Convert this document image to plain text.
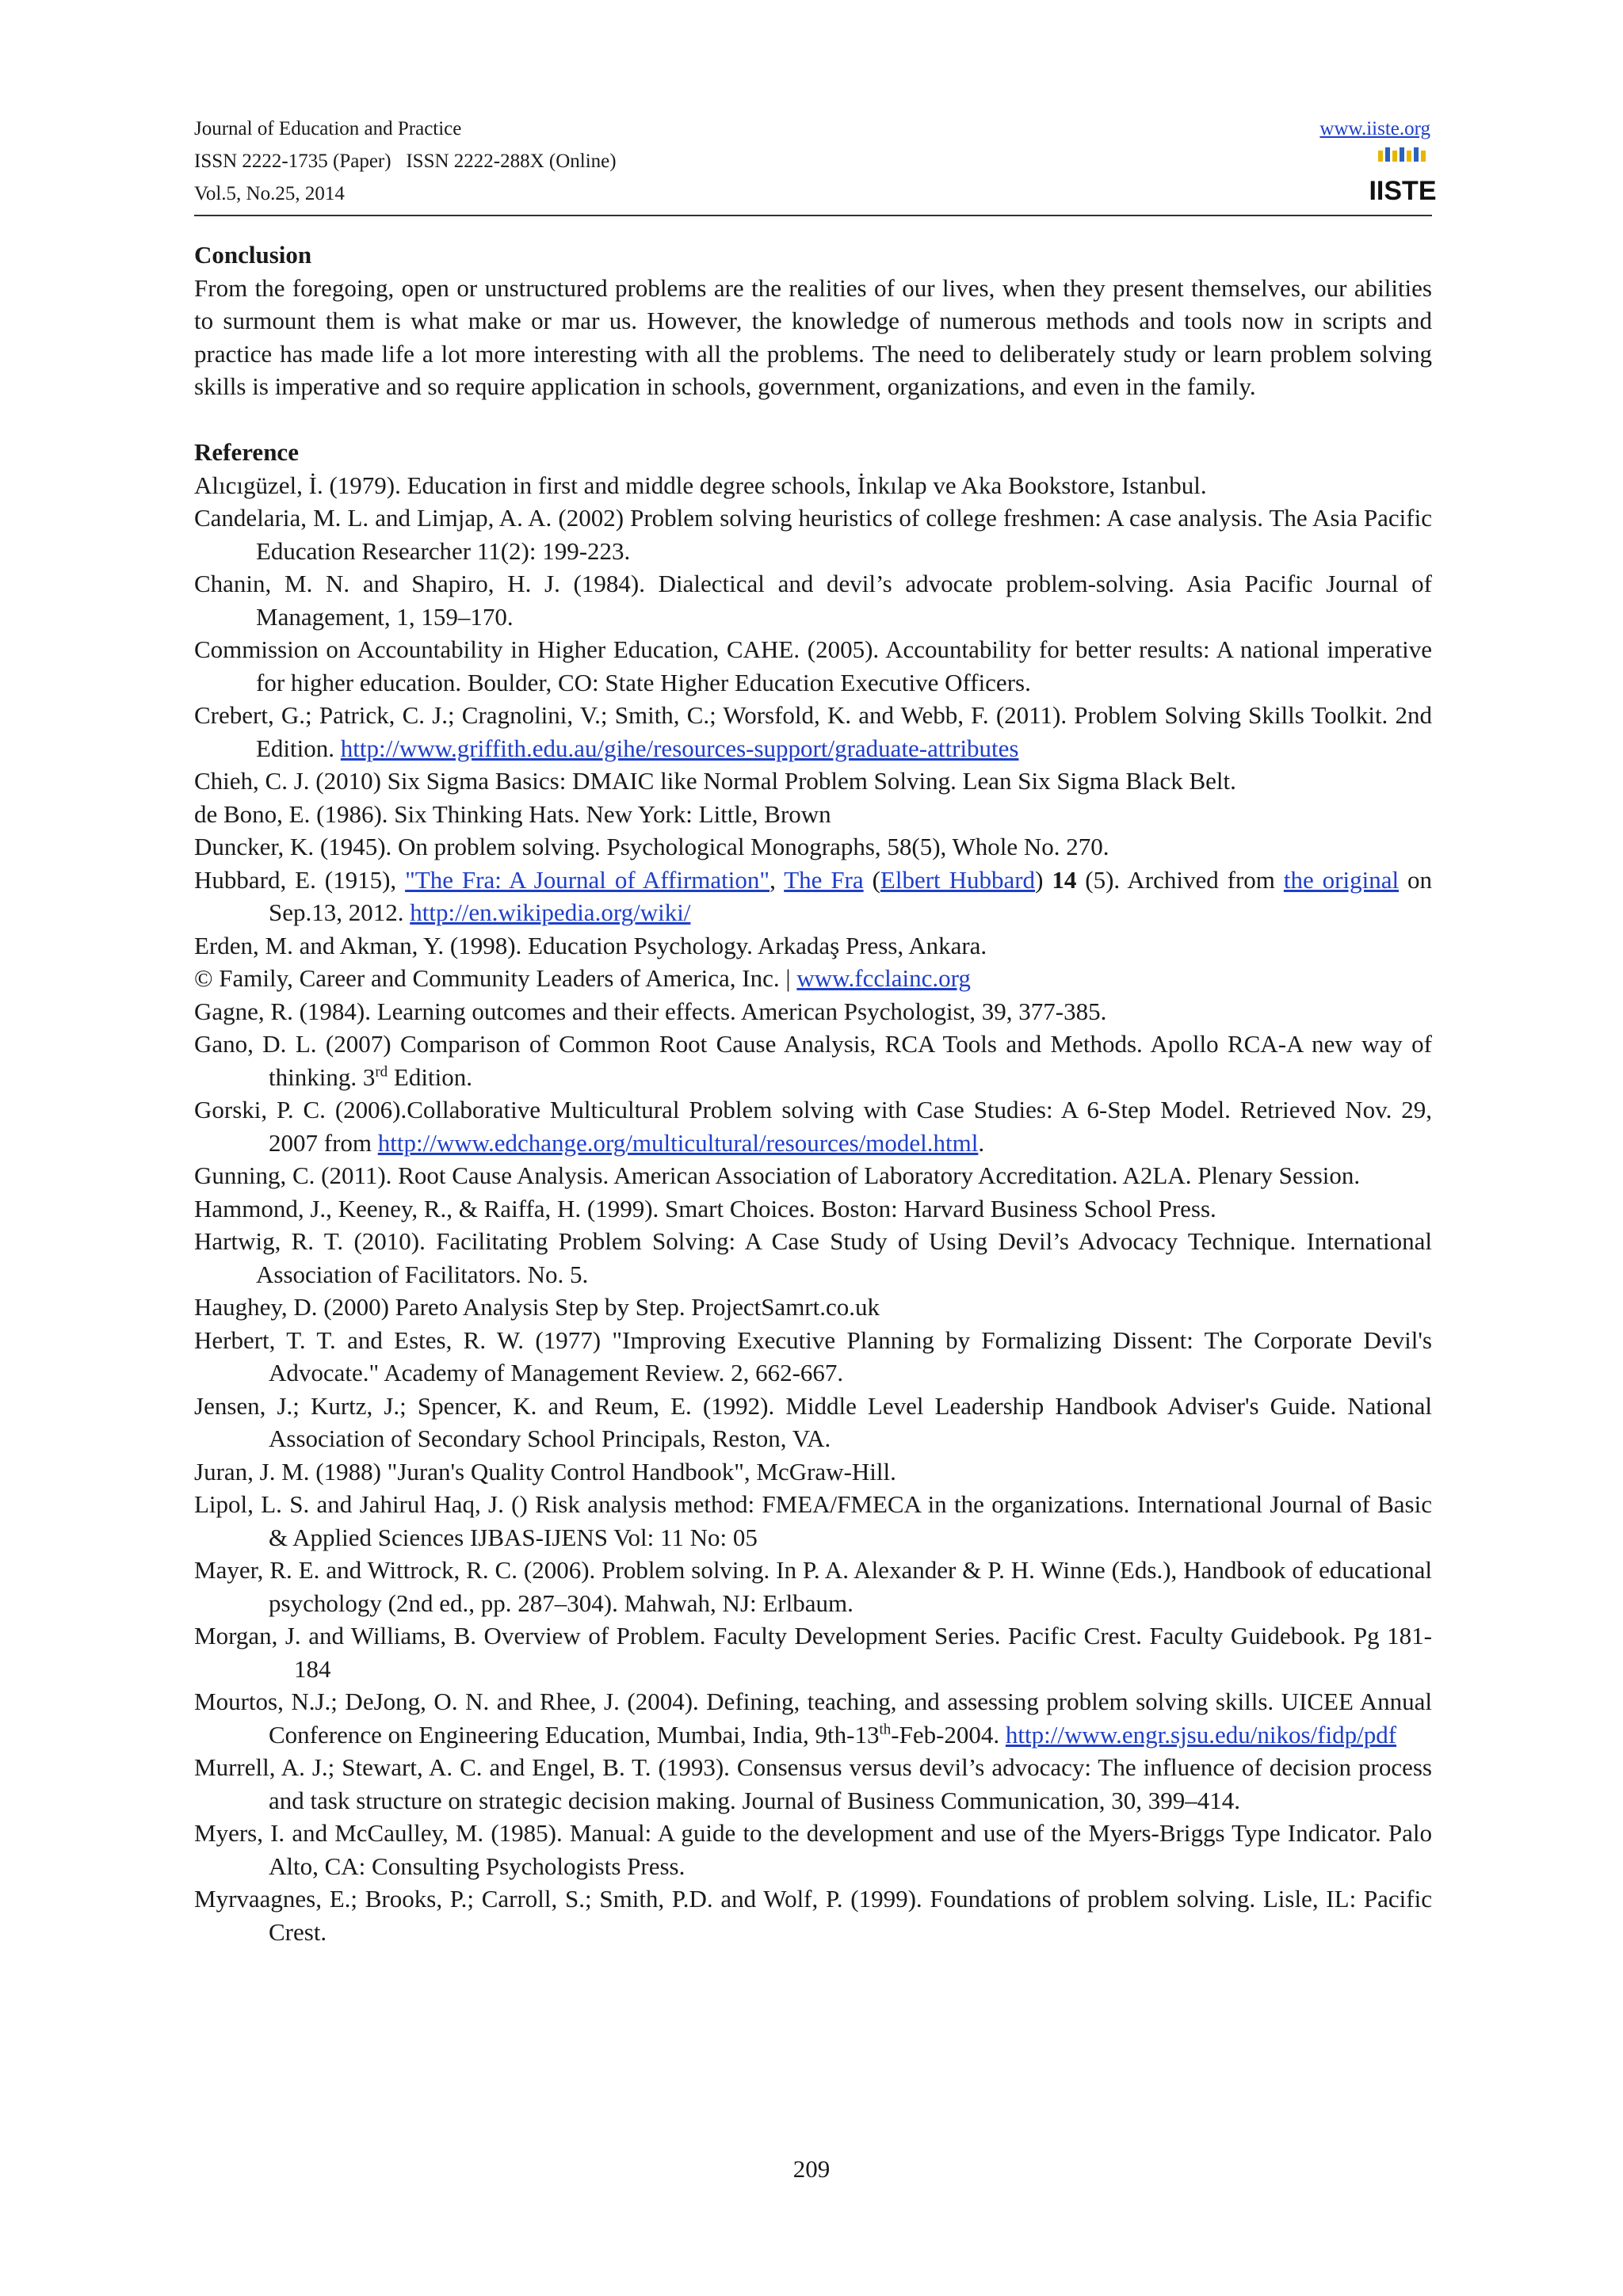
Journal of Education and Practice
ISSN 2222-1735 (Paper)   ISSN 2222-288X (Online)
Vol.5, No.25, 2014
www.iiste.org
IISTE
Conclusion
From the foregoing, open or unstructured problems are the realities of our lives, when they present themselves, our abilities to surmount them is what make or mar us. However, the knowledge of numerous methods and tools now in scripts and practice has made life a lot more interesting with all the problems. The need to deliberately study or learn problem solving skills is imperative and so require application in schools, government, organizations, and even in the family.
Reference
Alıcıgüzel, İ. (1979). Education in first and middle degree schools, İnkılap ve Aka Bookstore, Istanbul.
Candelaria, M. L. and Limjap, A. A. (2002) Problem solving heuristics of college freshmen: A case analysis. The Asia Pacific Education Researcher 11(2): 199-223.
Chanin, M. N. and Shapiro, H. J. (1984). Dialectical and devil’s advocate problem-solving. Asia Pacific Journal of Management, 1, 159–170.
Commission on Accountability in Higher Education, CAHE. (2005). Accountability for better results: A national imperative for higher education. Boulder, CO: State Higher Education Executive Officers.
Crebert, G.; Patrick, C. J.; Cragnolini, V.; Smith, C.; Worsfold, K. and Webb, F. (2011). Problem Solving Skills Toolkit. 2nd Edition. http://www.griffith.edu.au/gihe/resources-support/graduate-attributes
Chieh, C. J. (2010) Six Sigma Basics: DMAIC like Normal Problem Solving. Lean Six Sigma Black Belt.
de Bono, E. (1986). Six Thinking Hats. New York: Little, Brown
Duncker, K. (1945). On problem solving. Psychological Monographs, 58(5), Whole No. 270.
Hubbard, E. (1915), "The Fra: A Journal of Affirmation", The Fra (Elbert Hubbard) 14 (5). Archived from the original on Sep.13, 2012. http://en.wikipedia.org/wiki/
Erden, M. and Akman, Y. (1998). Education Psychology. Arkadaş Press, Ankara.
© Family, Career and Community Leaders of America, Inc. | www.fcclainc.org
Gagne, R. (1984). Learning outcomes and their effects. American Psychologist, 39, 377-385.
Gano, D. L. (2007) Comparison of Common Root Cause Analysis, RCA Tools and Methods. Apollo RCA-A new way of thinking. 3rd Edition.
Gorski, P. C. (2006).Collaborative Multicultural Problem solving with Case Studies: A 6-Step Model. Retrieved Nov. 29, 2007 from http://www.edchange.org/multicultural/resources/model.html.
Gunning, C. (2011). Root Cause Analysis. American Association of Laboratory Accreditation. A2LA. Plenary Session.
Hammond, J., Keeney, R., & Raiffa, H. (1999). Smart Choices. Boston: Harvard Business School Press.
Hartwig, R. T. (2010). Facilitating Problem Solving: A Case Study of Using Devil’s Advocacy Technique. International Association of Facilitators. No. 5.
Haughey, D. (2000) Pareto Analysis Step by Step. ProjectSamrt.co.uk
Herbert, T. T. and Estes, R. W. (1977) "Improving Executive Planning by Formalizing Dissent: The Corporate Devil's Advocate." Academy of Management Review. 2, 662-667.
Jensen, J.; Kurtz, J.; Spencer, K. and Reum, E. (1992). Middle Level Leadership Handbook Adviser's Guide. National Association of Secondary School Principals, Reston, VA.
Juran, J. M. (1988) "Juran's Quality Control Handbook", McGraw-Hill.
Lipol, L. S. and Jahirul Haq, J. () Risk analysis method: FMEA/FMECA in the organizations. International Journal of Basic & Applied Sciences IJBAS-IJENS Vol: 11 No: 05
Mayer, R. E. and Wittrock, R. C. (2006). Problem solving. In P. A. Alexander & P. H. Winne (Eds.), Handbook of educational psychology (2nd ed., pp. 287–304). Mahwah, NJ: Erlbaum.
Morgan, J. and Williams, B. Overview of Problem. Faculty Development Series. Pacific Crest. Faculty Guidebook. Pg 181-184
Mourtos, N.J.; DeJong, O. N. and Rhee, J. (2004). Defining, teaching, and assessing problem solving skills. UICEE Annual Conference on Engineering Education, Mumbai, India, 9th-13th-Feb-2004. http://www.engr.sjsu.edu/nikos/fidp/pdf
Murrell, A. J.; Stewart, A. C. and Engel, B. T. (1993). Consensus versus devil’s advocacy: The influence of decision process and task structure on strategic decision making. Journal of Business Communication, 30, 399–414.
Myers, I. and McCaulley, M. (1985). Manual: A guide to the development and use of the Myers-Briggs Type Indicator. Palo Alto, CA: Consulting Psychologists Press.
Myrvaagnes, E.; Brooks, P.; Carroll, S.; Smith, P.D. and Wolf, P. (1999). Foundations of problem solving. Lisle, IL: Pacific Crest.
209
